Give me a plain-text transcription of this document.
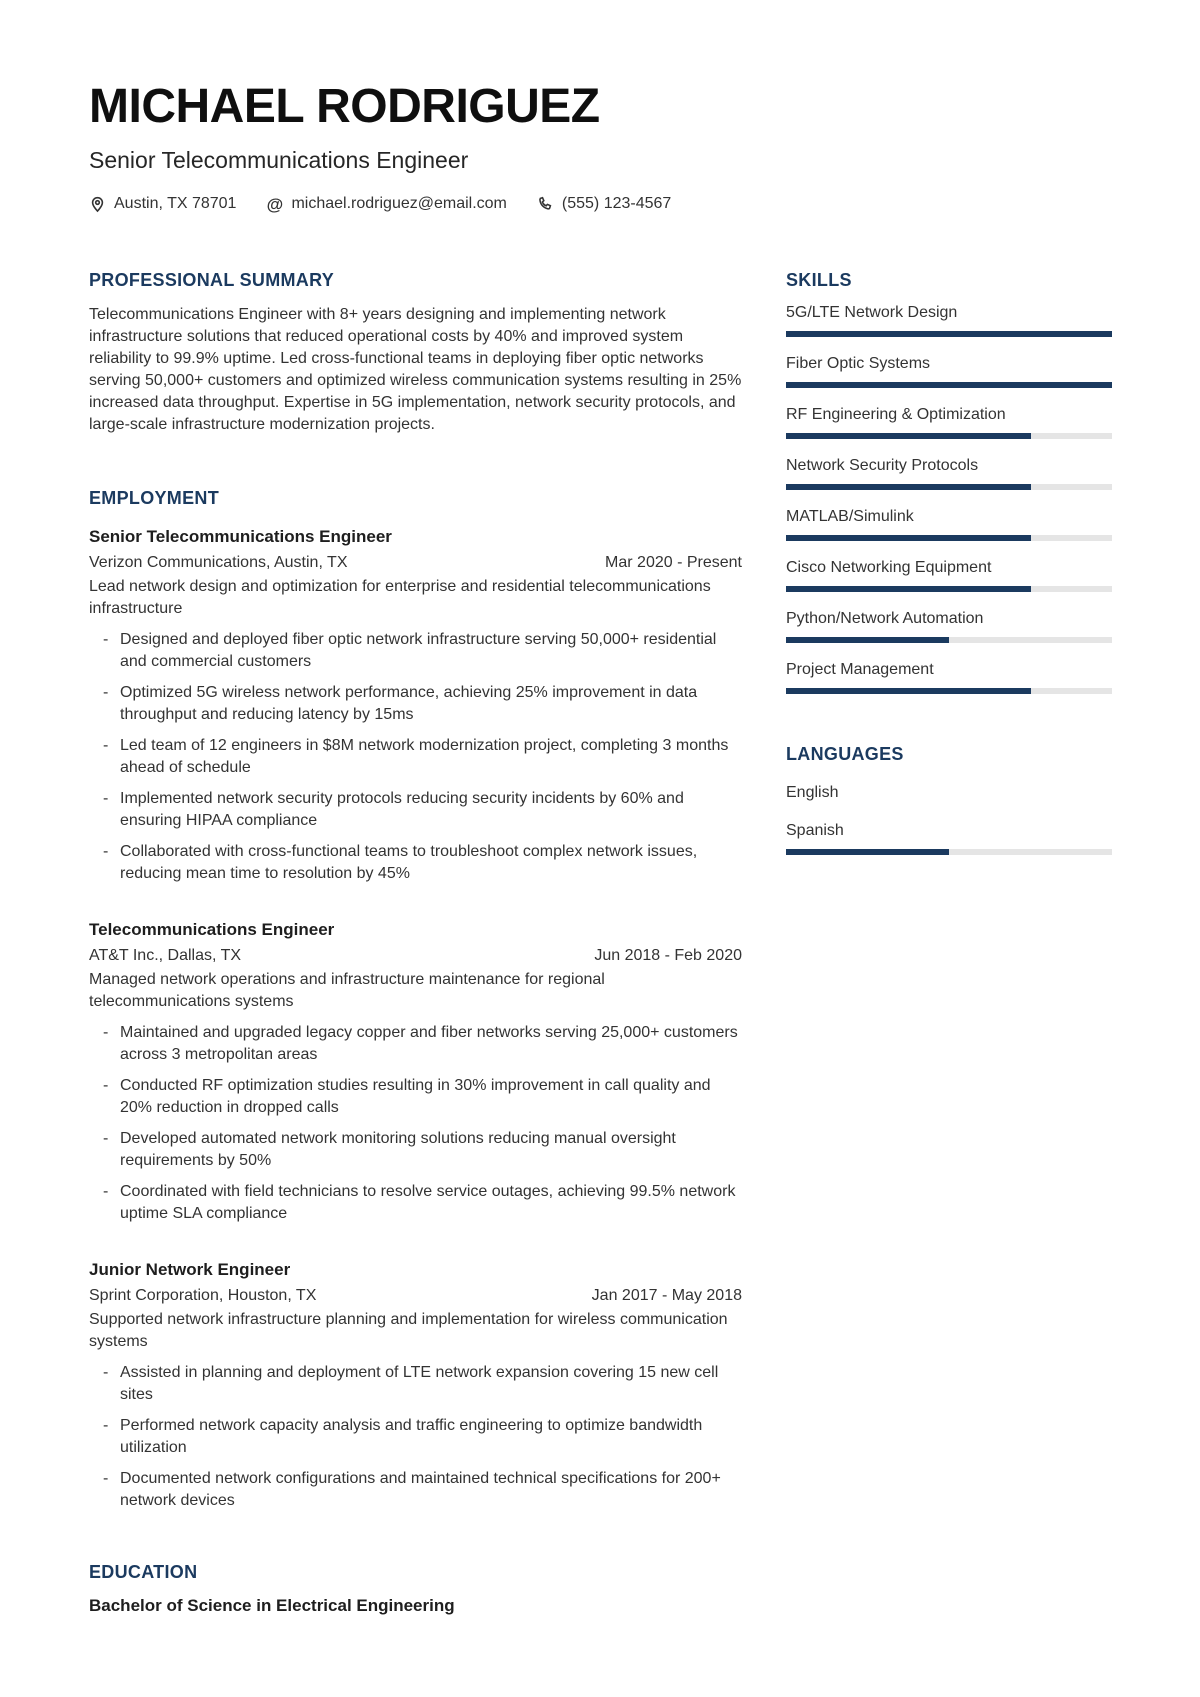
MICHAEL RODRIGUEZ
Senior Telecommunications Engineer
Austin, TX 78701 @ michael.rodriguez@email.com	(555) 123-4567
PROFESSIONAL SUMMARY

Telecommunications Engineer with 8+ years designing and implementing network infrastructure solutions that reduced operational costs by 40% and improved system reliability to 99.9% uptime. Led cross-functional teams in deploying fiber optic networks serving 50,000+ customers and optimized wireless communication systems resulting in 25% increased data throughput. Expertise in 5G implementation, network security protocols, and large-scale infrastructure modernization projects.

EMPLOYMENT
Senior Telecommunications Engineer
Verizon Communications, Austin, TX	Mar 2020 - Present
Lead network design and optimization for enterprise and residential telecommunications infrastructure
- Designed and deployed fiber optic network infrastructure serving 50,000+ residential and commercial customers
- Optimized 5G wireless network performance, achieving 25% improvement in data throughput and reducing latency by 15ms
- Led team of 12 engineers in $8M network modernization project, completing 3 months ahead of schedule
- Implemented network security protocols reducing security incidents by 60% and ensuring HIPAA compliance
- Collaborated with cross-functional teams to troubleshoot complex network issues, reducing mean time to resolution by 45%
Telecommunications Engineer
AT&T Inc., Dallas, TX	Jun 2018 - Feb 2020
Managed network operations and infrastructure maintenance for regional telecommunications systems
- Maintained and upgraded legacy copper and fiber networks serving 25,000+ customers across 3 metropolitan areas
- Conducted RF optimization studies resulting in 30% improvement in call quality and 20% reduction in dropped calls
- Developed automated network monitoring solutions reducing manual oversight requirements by 50%
- Coordinated with field technicians to resolve service outages, achieving 99.5% network uptime SLA compliance
Junior Network Engineer
Sprint Corporation, Houston, TX	Jan 2017 - May 2018
Supported network infrastructure planning and implementation for wireless communication systems
- Assisted in planning and deployment of LTE network expansion covering 15 new cell sites
- Performed network capacity analysis and traffic engineering to optimize bandwidth utilization
- Documented network configurations and maintained technical specifications for 200+ network devices
EDUCATION
Bachelor of Science in Electrical Engineering
SKILLS
5G/LTE Network Design
Fiber Optic Systems
RF Engineering & Optimization
Network Security Protocols
MATLAB/Simulink
Cisco Networking Equipment
Python/Network Automation
Project Management
LANGUAGES
English
Spanish
